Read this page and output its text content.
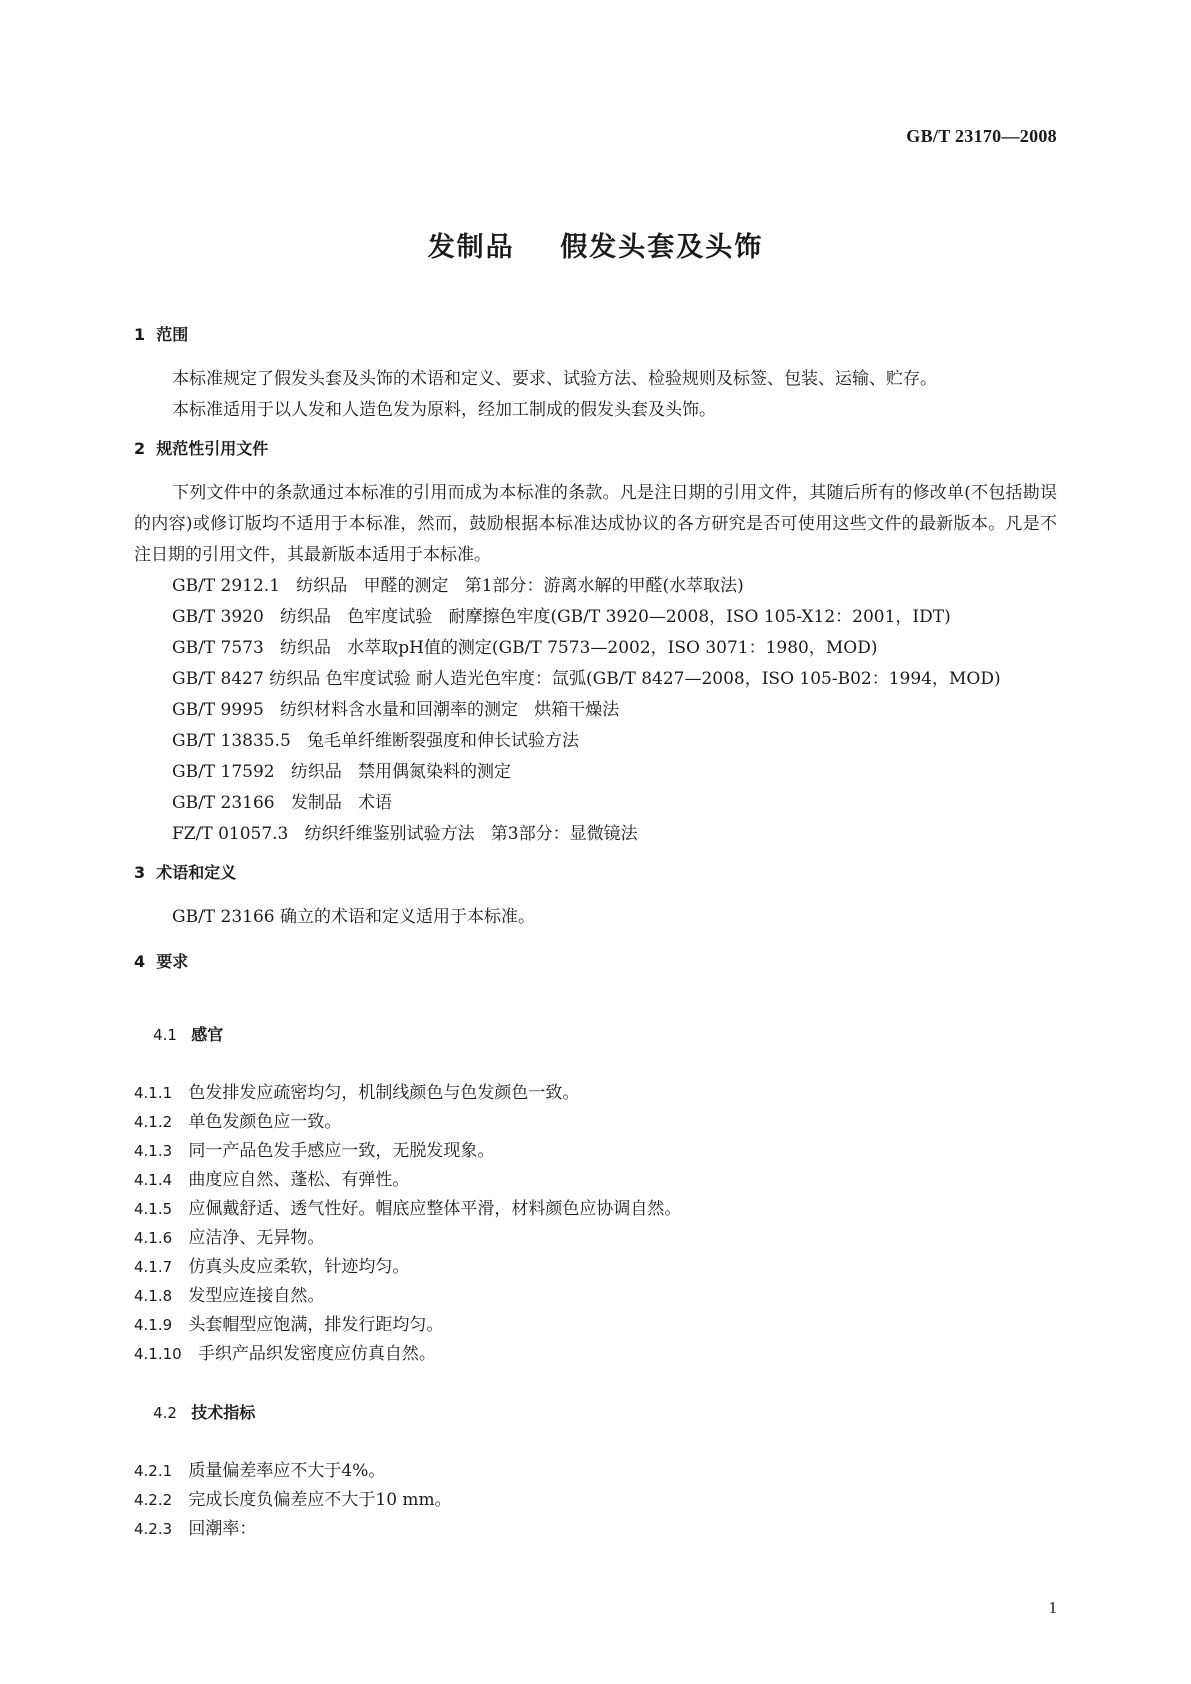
GB/T 23170—2008
发制品    假发头套及头饰
1  范围
本标准规定了假发头套及头饰的术语和定义、要求、试验方法、检验规则及标签、包装、运输、贮存。
本标准适用于以人发和人造色发为原料，经加工制成的假发头套及头饰。
2  规范性引用文件
下列文件中的条款通过本标准的引用而成为本标准的条款。凡是注日期的引用文件，其随后所有的修改单(不包括勘误的内容)或修订版均不适用于本标准，然而，鼓励根据本标准达成协议的各方研究是否可使用这些文件的最新版本。凡是不注日期的引用文件，其最新版本适用于本标准。
GB/T 2912.1   纺织品   甲醛的测定   第1部分：游离水解的甲醛(水萃取法)
GB/T 3920   纺织品   色牢度试验   耐摩擦色牢度(GB/T 3920—2008，ISO 105-X12：2001，IDT)
GB/T 7573   纺织品   水萃取pH值的测定(GB/T 7573—2002，ISO 3071：1980，MOD)
GB/T 8427 纺织品 色牢度试验 耐人造光色牢度：氙弧(GB/T 8427—2008，ISO 105-B02：1994，MOD)
GB/T 9995   纺织材料含水量和回潮率的测定   烘箱干燥法
GB/T 13835.5   兔毛单纤维断裂强度和伸长试验方法
GB/T 17592   纺织品   禁用偶氮染料的测定
GB/T 23166   发制品   术语
FZ/T 01057.3   纺织纤维鉴别试验方法   第3部分：显微镜法
3  术语和定义
GB/T 23166 确立的术语和定义适用于本标准。
4  要求

4.1 感官

4.1.1 色发排发应疏密均匀，机制线颜色与色发颜色一致。
4.1.2 单色发颜色应一致。
4.1.3 同一产品色发手感应一致，无脱发现象。
4.1.4 曲度应自然、蓬松、有弹性。
4.1.5 应佩戴舒适、透气性好。帽底应整体平滑，材料颜色应协调自然。
4.1.6 应洁净、无异物。
4.1.7 仿真头皮应柔软，针迹均匀。
4.1.8 发型应连接自然。
4.1.9 头套帽型应饱满，排发行距均匀。
4.1.10 手织产品织发密度应仿真自然。

4.2 技术指标

4.2.1 质量偏差率应不大于4%。
4.2.2 完成长度负偏差应不大于10 mm。
4.2.3 回潮率：
1
